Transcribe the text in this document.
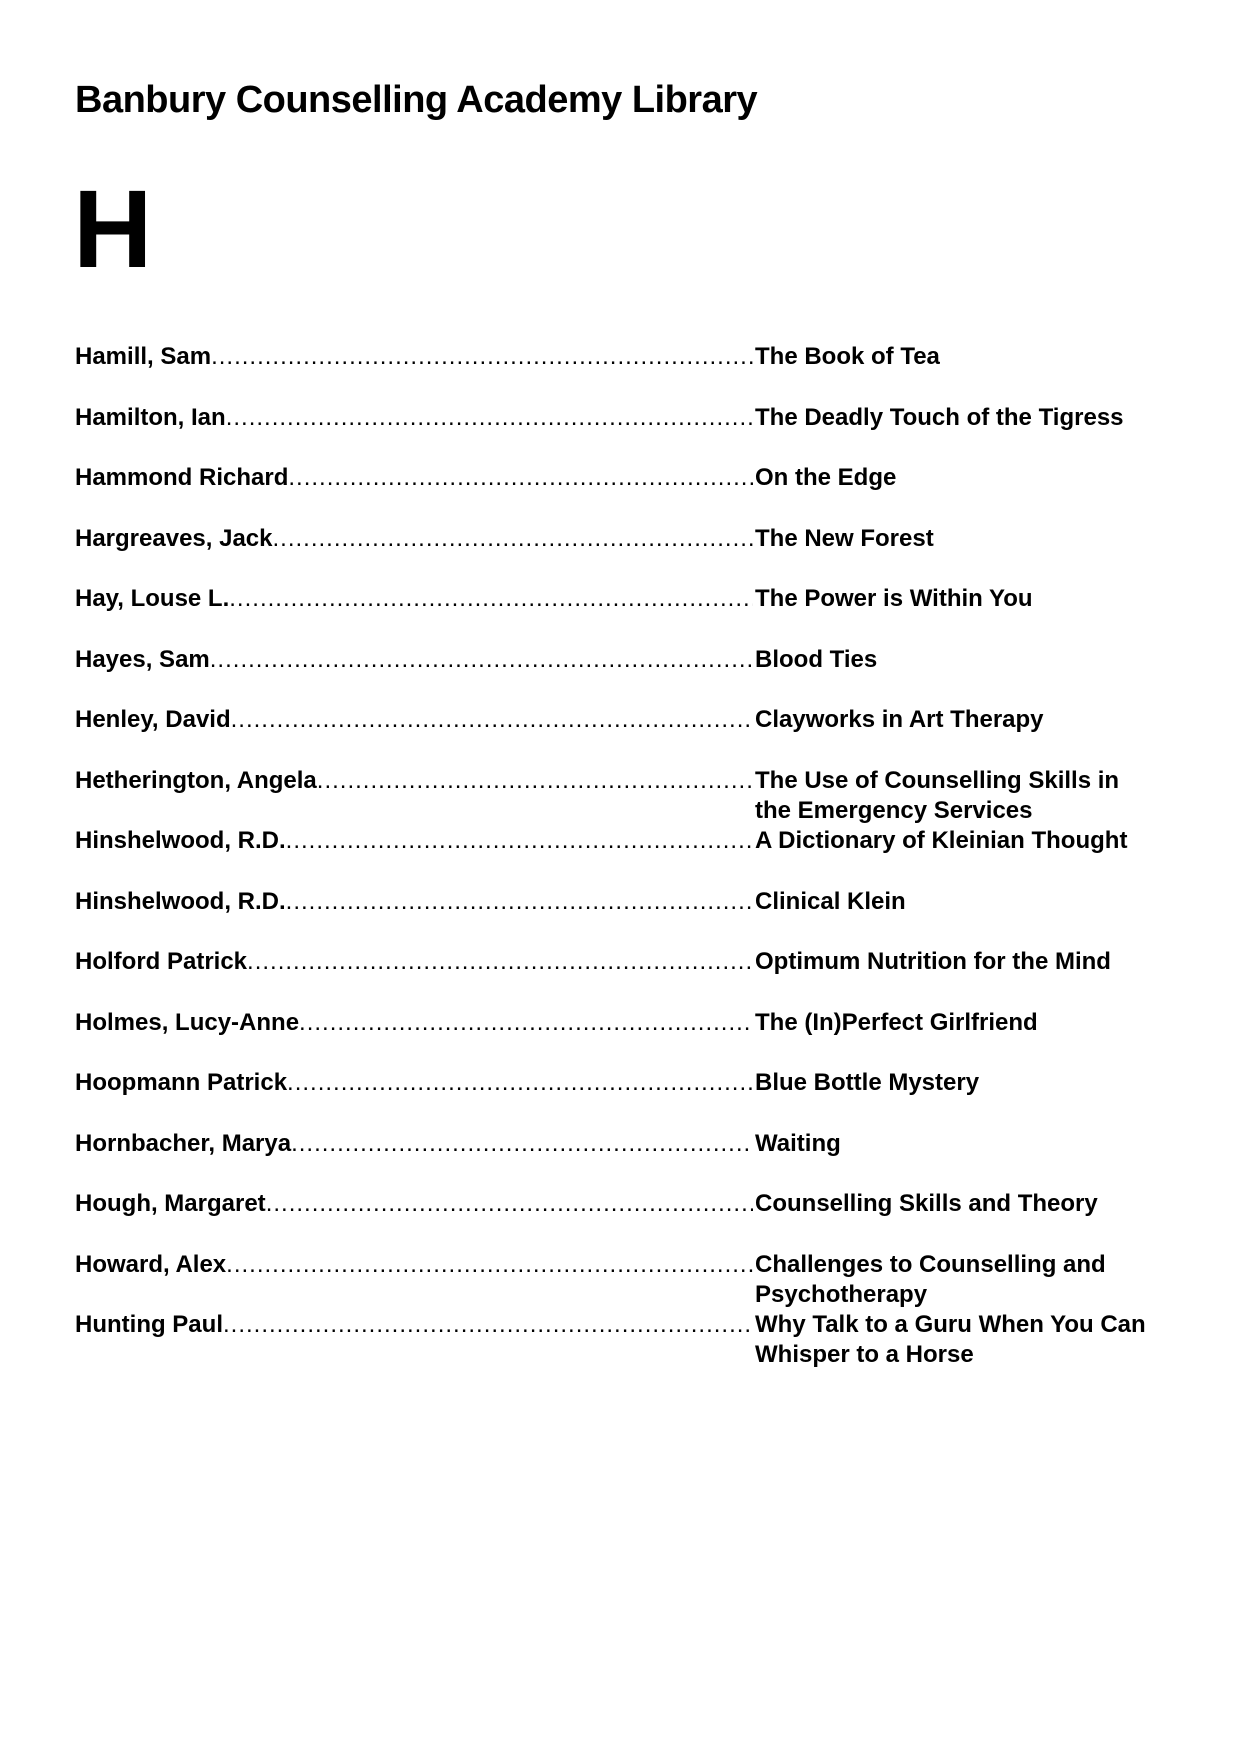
Banbury Counselling Academy Library
H
Hamill, Sam .....	The Book of Tea
Hamilton, Ian .....	The Deadly Touch of the Tigress
Hammond Richard .....	On the Edge
Hargreaves, Jack .....	The New Forest
Hay, Louse L. .....	The Power is Within You
Hayes, Sam .....	Blood Ties
Henley, David .....	Clayworks in Art Therapy
Hetherington, Angela .....	The Use of Counselling Skills in the Emergency Services
Hinshelwood, R.D. .....	A Dictionary of Kleinian Thought
Hinshelwood, R.D. .....	Clinical Klein
Holford Patrick .....	Optimum Nutrition for the Mind
Holmes, Lucy-Anne .....	The (In)Perfect Girlfriend
Hoopmann Patrick .....	Blue Bottle Mystery
Hornbacher, Marya .....	Waiting
Hough, Margaret .....	Counselling Skills and Theory
Howard, Alex .....	Challenges to Counselling and Psychotherapy
Hunting Paul .....	Why Talk to a Guru When You Can Whisper to a Horse
